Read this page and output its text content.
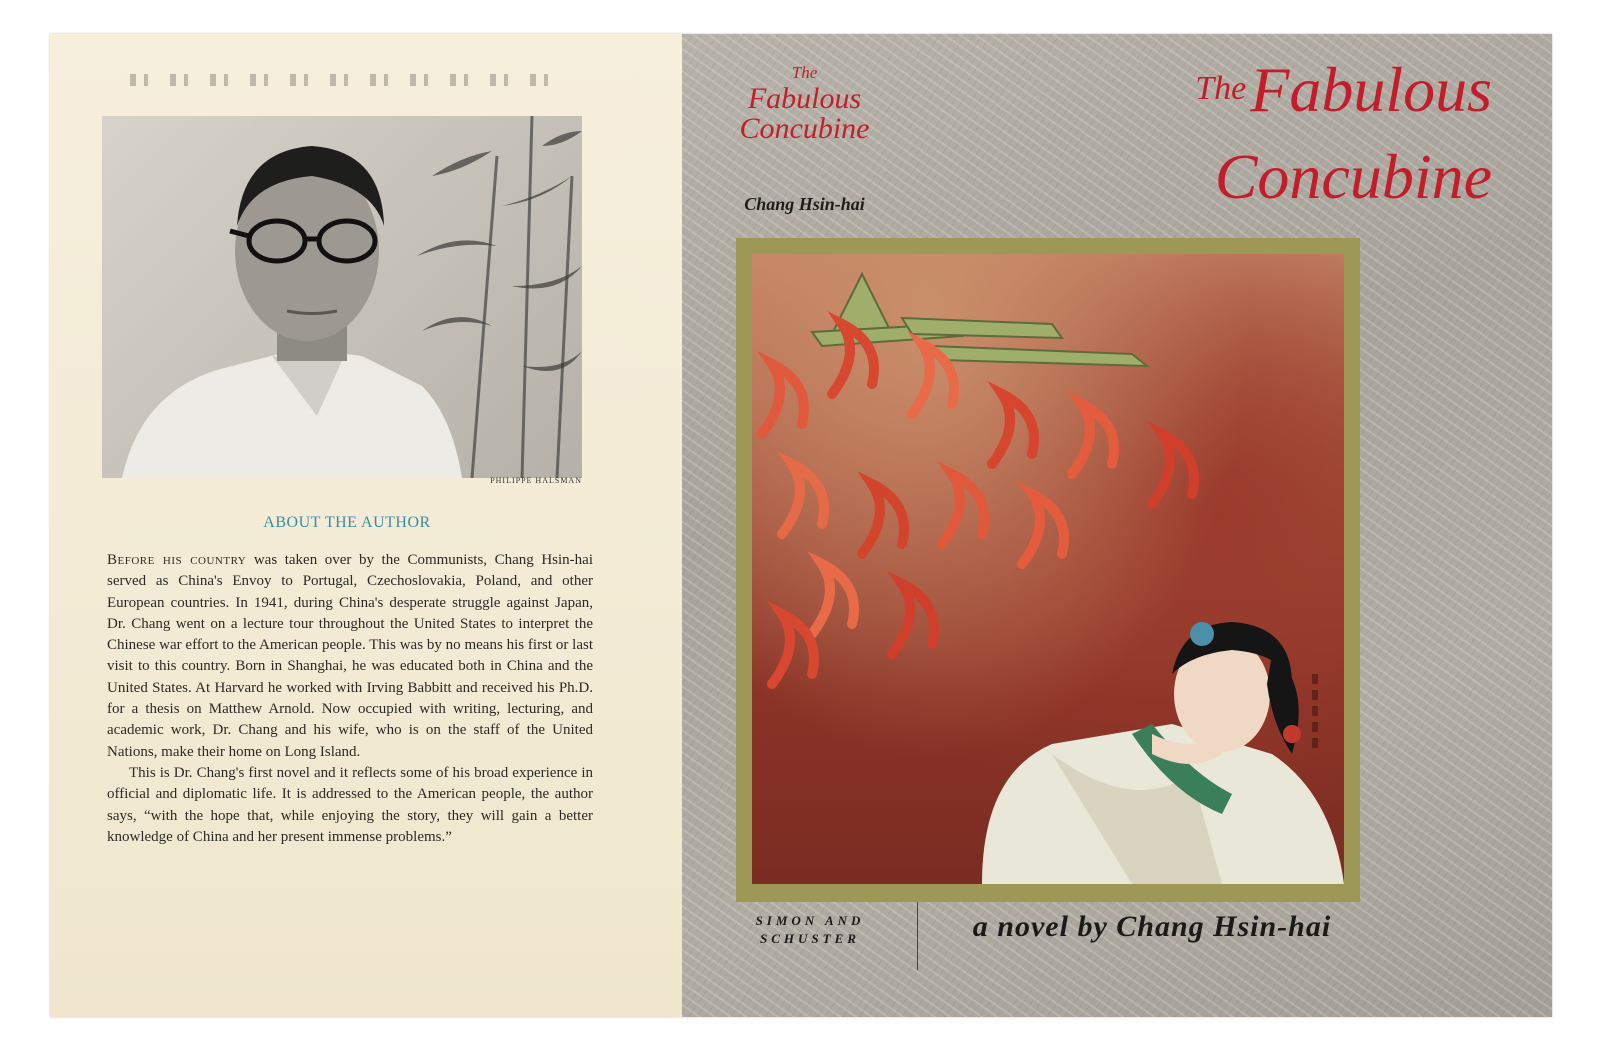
PHILIPPE HALSMAN
ABOUT THE AUTHOR

Before his country was taken over by the Communists, Chang Hsin-hai served as China's Envoy to Portugal, Czechoslovakia, Poland, and other European countries. In 1941, during China's desperate struggle against Japan, Dr. Chang went on a lecture tour throughout the United States to interpret the Chinese war effort to the American people. This was by no means his first or last visit to this country. Born in Shanghai, he was educated both in China and the United States. At Harvard he worked with Irving Babbitt and received his Ph.D. for a thesis on Matthew Arnold. Now occupied with writing, lecturing, and academic work, Dr. Chang and his wife, who is on the staff of the United Nations, make their home on Long Island.

This is Dr. Chang's first novel and it reflects some of his broad experience in official and diplomatic life. It is addressed to the American people, the author says, “with the hope that, while enjoying the story, they will gain a better knowledge of China and her present immense problems.”

The
Fabulous
Concubine
Chang Hsin-hai
TheFabulous
Concubine
SIMON AND
SCHUSTER	a novel by Chang Hsin-hai
